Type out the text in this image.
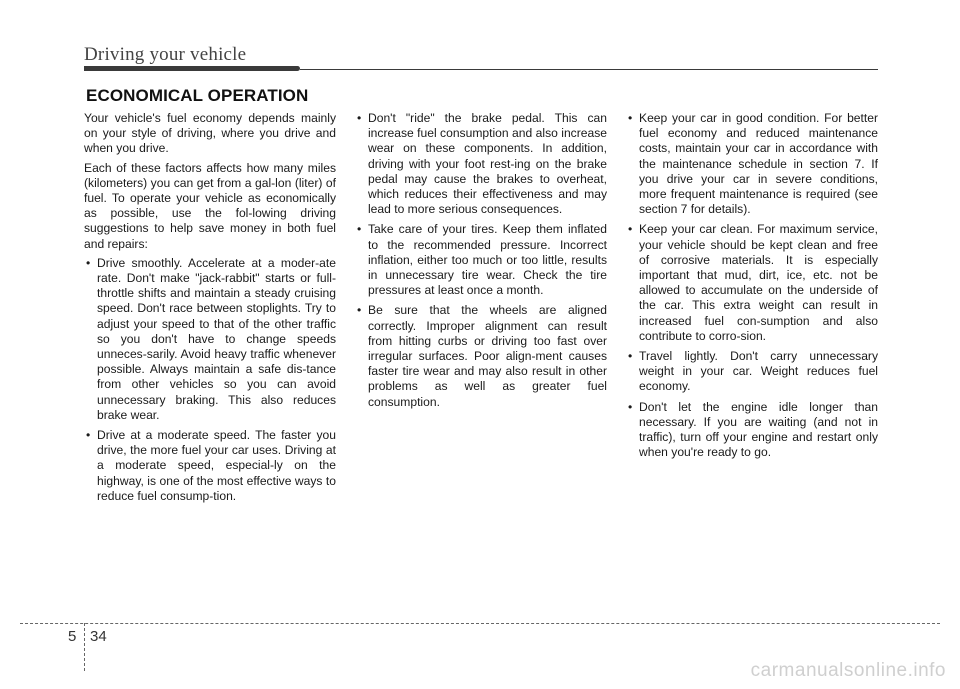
Driving your vehicle
ECONOMICAL OPERATION

Your vehicle's fuel economy depends mainly on your style of driving, where you drive and when you drive.

Each of these factors affects how many miles (kilometers) you can get from a gal-lon (liter) of fuel. To operate your vehicle as economically as possible, use the fol-lowing driving suggestions to help save money in both fuel and repairs:

• Drive smoothly. Accelerate at a moder-ate rate. Don't make "jack-rabbit" starts or full-throttle shifts and maintain a steady cruising speed. Don't race between stoplights. Try to adjust your speed to that of the other traffic so you don't have to change speeds unneces-sarily. Avoid heavy traffic whenever possible. Always maintain a safe dis-tance from other vehicles so you can avoid unnecessary braking. This also reduces brake wear.
• Drive at a moderate speed. The faster you drive, the more fuel your car uses. Driving at a moderate speed, especial-ly on the highway, is one of the most effective ways to reduce fuel consump-tion.
• Don't "ride" the brake pedal. This can increase fuel consumption and also increase wear on these components. In addition, driving with your foot rest-ing on the brake pedal may cause the brakes to overheat, which reduces their effectiveness and may lead to more serious consequences.
• Take care of your tires. Keep them inflated to the recommended pressure. Incorrect inflation, either too much or too little, results in unnecessary tire wear. Check the tire pressures at least once a month.
• Be sure that the wheels are aligned correctly. Improper alignment can result from hitting curbs or driving too fast over irregular surfaces. Poor align-ment causes faster tire wear and may also result in other problems as well as greater fuel consumption.
• Keep your car in good condition. For better fuel economy and reduced maintenance costs, maintain your car in accordance with the maintenance schedule in section 7. If you drive your car in severe conditions, more frequent maintenance is required (see section 7 for details).
• Keep your car clean. For maximum service, your vehicle should be kept clean and free of corrosive materials. It is especially important that mud, dirt, ice, etc. not be allowed to accumulate on the underside of the car. This extra weight can result in increased fuel con-sumption and also contribute to corro-sion.
• Travel lightly. Don't carry unnecessary weight in your car. Weight reduces fuel economy.
• Don't let the engine idle longer than necessary. If you are waiting (and not in traffic), turn off your engine and restart only when you're ready to go.
5 34
carmanualsonline.info
